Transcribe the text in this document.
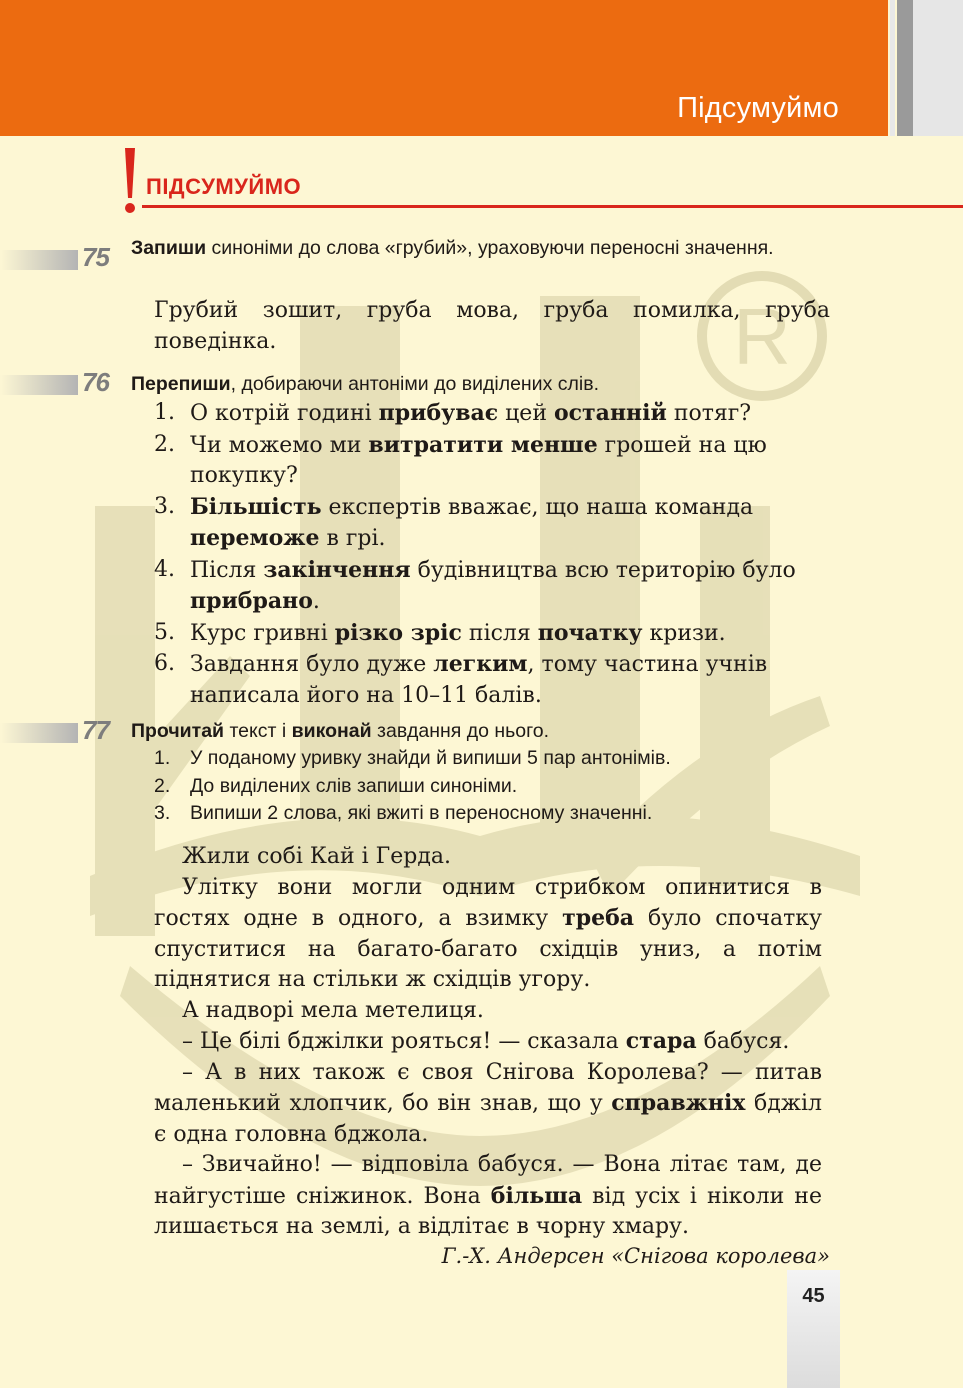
Підсумуймо
R
ПІДСУМУЙМО
75 Запиши синоніми до слова «грубий», ураховуючи переносні значення.
Грубий зошит, груба мова, груба помилка, груба поведінка.
76 Перепиши, добираючи антоніми до виділених слів.
1. О котрій годині прибуває цей останній потяг?
2. Чи можемо ми витратити менше грошей на цю покупку?
3. Більшість експертів вважає, що наша команда переможе в грі.
4. Після закінчення будівництва всю територію було прибрано.
5. Курс гривні різко зріс після початку кризи.
6. Завдання було дуже легким, тому частина учнів написала його на 10–11 балів.
77 Прочитай текст і виконай завдання до нього.
1. У поданому уривку знайди й випиши 5 пар антонімів.
2. До виділених слів запиши синоніми.
3. Випиши 2 слова, які вжиті в переносному значенні.

Жили собі Кай і Герда.

Улітку вони могли одним стрибком опинитися в гостях одне в одного, а взимку треба було спочатку спуститися на багато-багато східців униз, а потім піднятися на стільки ж східців угору.

А надворі мела метелиця.

– Це білі бджілки рояться! — сказала стара бабуся.

– А в них також є своя Снігова Королева? — питав маленький хлопчик, бо він знав, що у справжніх бджіл є одна головна бджола.

– Звичайно! — відповіла бабуся. — Вона літає там, де найгустіше сніжинок. Вона більша від усіх і ніколи не лишається на землі, а відлітає в чорну хмару.

Г.-Х. Андерсен «Снігова королева»
45
